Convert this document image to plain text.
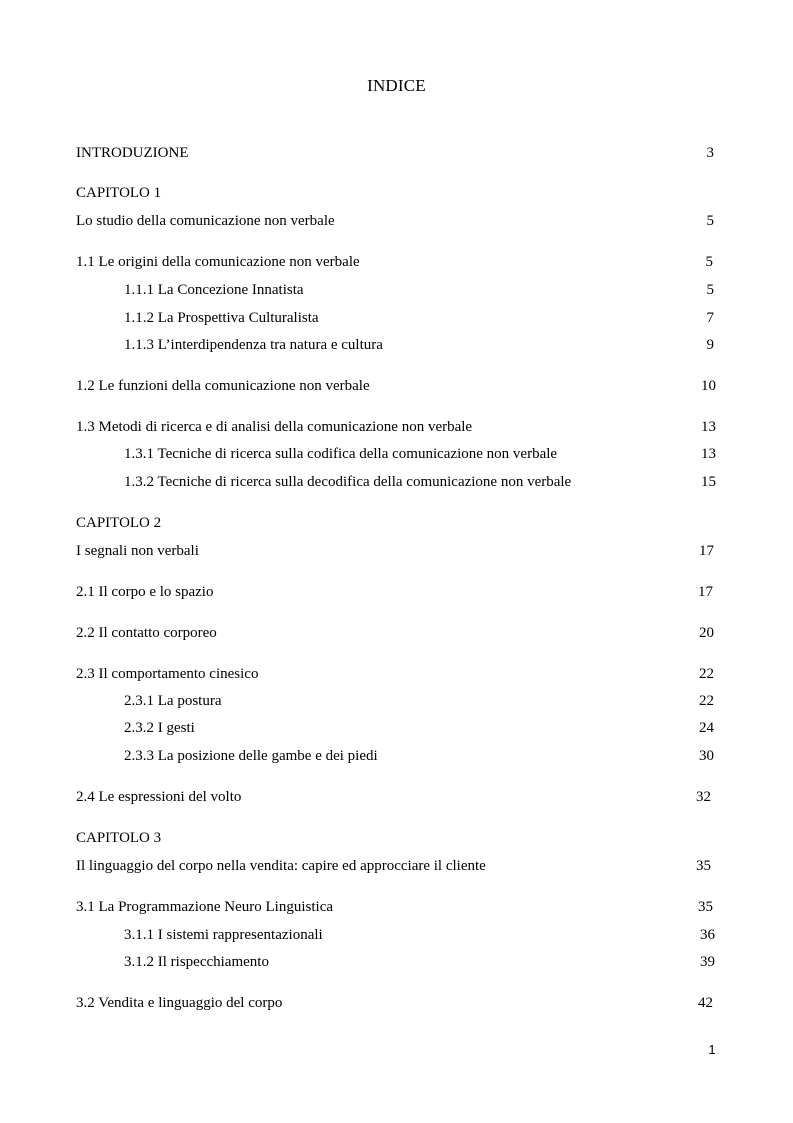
INDICE
INTRODUZIONE	3
CAPITOLO 1
Lo studio della comunicazione non verbale	5
1.1 Le origini della comunicazione non verbale	5
1.1.1 La Concezione Innatista	5
1.1.2 La Prospettiva Culturalista	7
1.1.3 L’interdipendenza tra natura e cultura	9
1.2 Le funzioni della comunicazione non verbale	10
1.3 Metodi di ricerca e di analisi della comunicazione non verbale	13
1.3.1 Tecniche di ricerca sulla codifica della comunicazione non verbale	13
1.3.2 Tecniche di ricerca sulla decodifica della comunicazione non verbale	15
CAPITOLO 2
I segnali non verbali	17
2.1 Il corpo e lo spazio	17
2.2 Il contatto corporeo	20
2.3 Il comportamento cinesico	22
2.3.1 La postura	22
2.3.2 I gesti	24
2.3.3 La posizione delle gambe e dei piedi	30
2.4 Le espressioni del volto	32
CAPITOLO 3
Il linguaggio del corpo nella vendita: capire ed approcciare il cliente	35
3.1 La Programmazione Neuro Linguistica	35
3.1.1 I sistemi rappresentazionali	36
3.1.2 Il rispecchiamento	39
3.2 Vendita e linguaggio del corpo	42
1
